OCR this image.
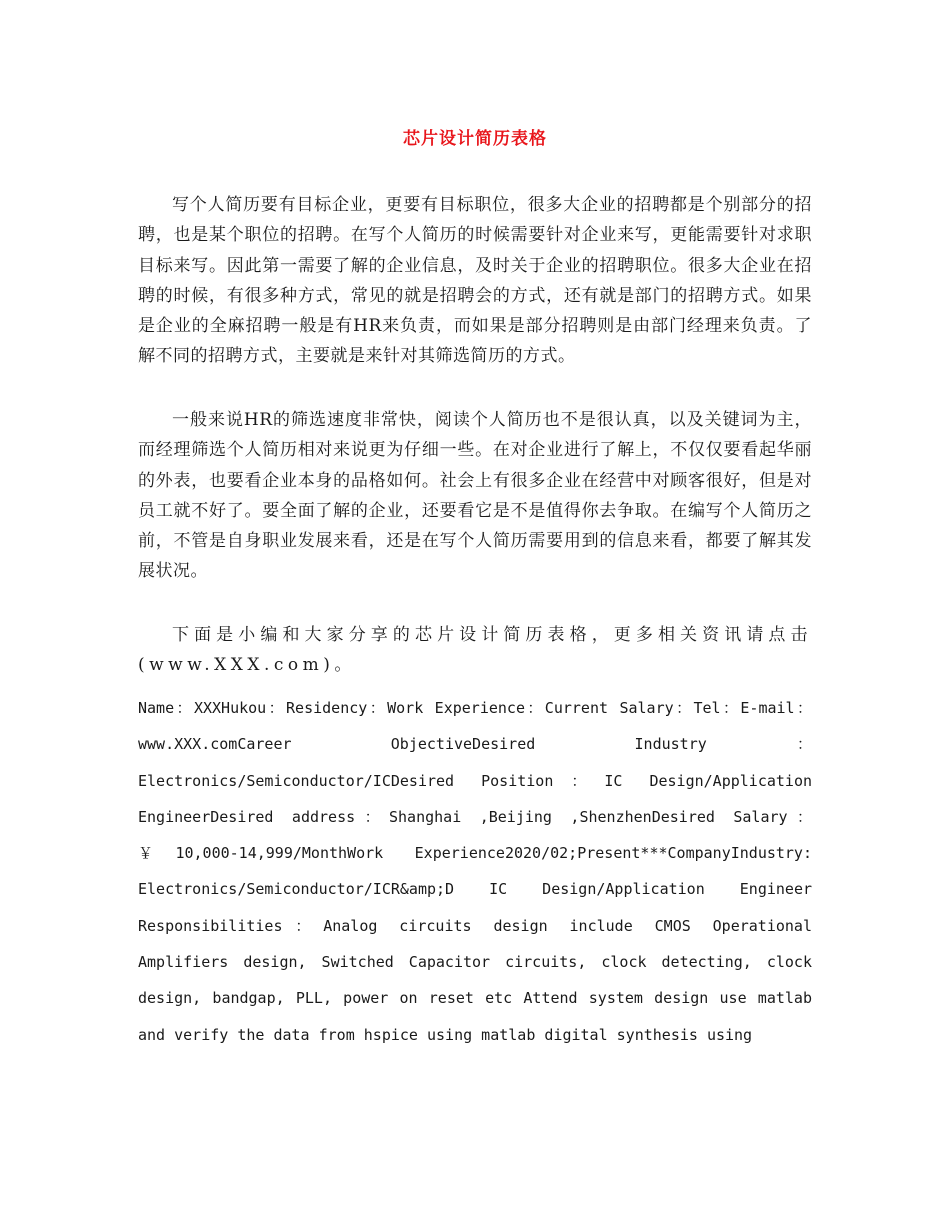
芯片设计简历表格

写个人简历要有目标企业，更要有目标职位，很多大企业的招聘都是个别部分的招聘，也是某个职位的招聘。在写个人简历的时候需要针对企业来写，更能需要针对求职目标来写。因此第一需要了解的企业信息，及时关于企业的招聘职位。很多大企业在招聘的时候，有很多种方式，常见的就是招聘会的方式，还有就是部门的招聘方式。如果是企业的全麻招聘一般是有HR来负责，而如果是部分招聘则是由部门经理来负责。了解不同的招聘方式，主要就是来针对其筛选简历的方式。

一般来说HR的筛选速度非常快，阅读个人简历也不是很认真，以及关键词为主，而经理筛选个人简历相对来说更为仔细一些。在对企业进行了解上，不仅仅要看起华丽的外表，也要看企业本身的品格如何。社会上有很多企业在经营中对顾客很好，但是对员工就不好了。要全面了解的企业，还要看它是不是值得你去争取。在编写个人简历之前，不管是自身职业发展来看，还是在写个人简历需要用到的信息来看，都要了解其发展状况。

下面是小编和大家分享的芯片设计简历表格，更多相关资讯请点击(www.XXX.com)。

Name：XXXHukou：Residency：Work Experience：Current Salary：Tel：E-mail：www.XXX.comCareer ObjectiveDesired Industry：Electronics/Semiconductor/ICDesired Position：IC Design/Application EngineerDesired address：Shanghai ,Beijing ,ShenzhenDesired Salary：￥10,000-14,999/MonthWork Experience2020/02;Present***CompanyIndustry: Electronics/Semiconductor/ICR&amp;D IC Design/Application Engineer Responsibilities：Analog circuits design include CMOS Operational Amplifiers design, Switched Capacitor circuits, clock detecting, clock design, bandgap, PLL, power on reset etc Attend system design use matlab and verify the data from hspice using matlab digital synthesis using
